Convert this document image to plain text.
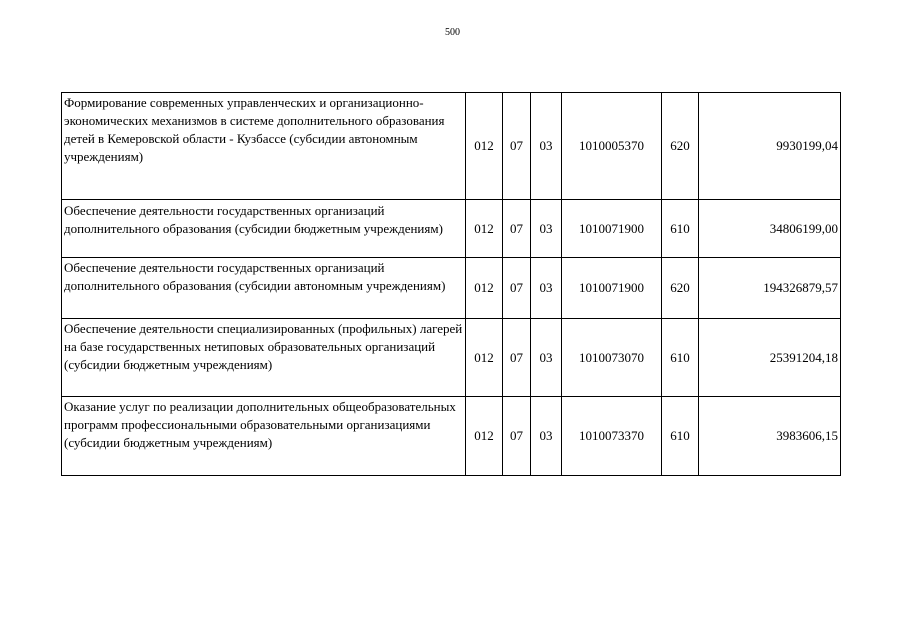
500
Формирование современных управленческих и организационно-экономических механизмов в системе дополнительного образования детей в Кемеровской области - Кузбассе (субсидии автономным учреждениям)	012	07	03	1010005370	620	9930199,04
Обеспечение деятельности государственных организаций дополнительного образования (субсидии бюджетным учреждениям)	012	07	03	1010071900	610	34806199,00
Обеспечение деятельности государственных организаций дополнительного образования (субсидии автономным учреждениям)	012	07	03	1010071900	620	194326879,57
Обеспечение деятельности специализированных (профильных) лагерей на базе государственных нетиповых образовательных организаций (субсидии бюджетным учреждениям)	012	07	03	1010073070	610	25391204,18
Оказание услуг по реализации дополнительных общеобразовательных программ профессиональными образовательными организациями (субсидии бюджетным учреждениям)	012	07	03	1010073370	610	3983606,15
